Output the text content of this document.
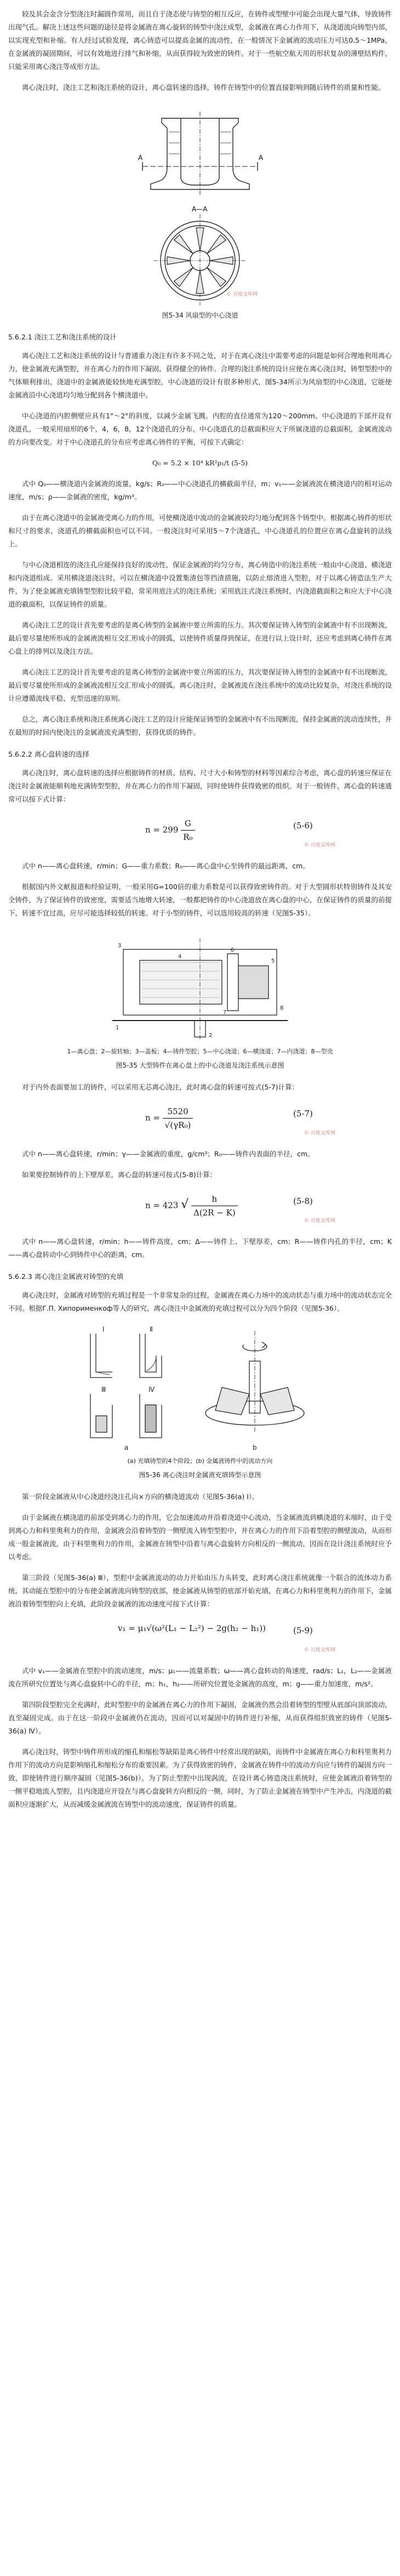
较及其会金含分型浇注时漏圆作常用，而且自于浇态使与铸型的相互反应，在铸件或型壁中可能会出现大量气体，导致铸件出现气孔。解决上述这些问题的途径是将金属液在离心旋转的铸型中浇注成型，金属液在离心力作用下，从浇道流向铸型内部，以实现充型和补缩。有人经过试验发现，离心铸造可以提高金属的流动性，在一般情况下金属液的流动压力可达0.5～1MPa，在金属液的凝固期间，可以有效地进行排气和补缩，从而获得较为致密的铸件。对于一些航空航天用的形状复杂的薄壁结构件，只能采用离心浇注等成形方法。

离心浇注时，浇注工艺和浇注系统的设计，离心盘转速的选择，铸件在铸型中的位置直接影响到随后铸件的质量和性能。

A	A
A—A
© 百度文库网
图5-34 风扇型的中心浇道
5.6.2.1 浇注工艺和浇注系统的设计

离心浇注工艺和浇注系统的设计与普通重力浇注有许多不同之处，对于在离心浇注中需要考虑的问题是如何合理地利用离心力，使金属液充满型腔，并在离心力的作用下凝固，获得健全的铸件。合理的浇注系统的设计应使在离心浇注时，铸型型腔中的气体顺利排出，浇道中的金属液能较快地充满型腔，中心浇道的设计有很多种形式，图5-34所示为风扇型的中心浇道，它能使金属液沿中心浇道均匀地分配到各个横浇道中。

中心浇道的内腔侧壁应具有1°～2°的斜度，以减少金属飞溅。内腔的直径通常为120～200mm。中心浇道的下部开设有浇道孔，一般采用扇形的6个，4，6，8，12个浇道孔的分布。中心浇道孔的总截面积应大于所属浇道的总截面积，金属液流动的方向要改变。对于中心浇道孔的分布应考虑离心铸件的平衡，可按下式确定：

Q₀ = 5.2 × 10⁴ kR²ρ₁/t (5-5)

式中 Q₀——横浇道内金属液的流量，kg/s；R₀——中心浇道孔的横截面半径，m；v₁——金属液流在横浇道内的相对运动速度，m/s；ρ——金属液的密度，kg/m³。

由于在离心浇道中的金属液受离心力的作用，可使横浇道中流动的金属液较均匀地分配到各个铸型中。根据离心铸件的形状和尺寸的要求，浇道孔的横截面积也可以不同。一般浇注时可采用5～7个浇道孔，中心浇道孔的位置应在离心盘旋转的法线上。

与中心浇道相连的浇注孔应能保持良好的流动性，保证金属液的均匀分布，离心铸造中的浇注系统一般由中心浇道、横浇道和内浇道组成。采用横浇道浇注时，可以在横浇道中设置集渣包等挡渣措施，以防止熔渣进入型腔，对于以离心铸造法生产大件，为了使金属液充填铸型型腔比较平稳，常采用底注式的浇注系统；采用底注式浇注系统时，内浇道截面积之和应大于中心浇道的截面积，以保证铸件的质量。

离心浇注工艺的设计首先要考虑的是离心铸型的金属液中要立所需的压力。其次要保证铸入铸型的金属液中有不出现断流，最后要尽量使所形成的金属液流相互交汇形成小的圆弧，以使铸件质量得到保证，在进行以上设计时，还应考虑到离心铸件在离心盘上的排列以及浇注方法。

离心浇注工艺的设计首先要考虑的是离心铸型的金属液中要立所需的压力，其次要保证铸入铸型的金属液中有不出现断流，最后要尽量使所形成的金属液流相互交汇形成小的圆弧。离心浇注时，金属液流在浇注系统中的流动比较复杂，对浇注系统的设计应遵循流线平稳、充型迅速的原则。

总之，离心浇注系统和浇注系统离心浇注工艺的设计应能保证铸型的金属液中有不出现断流，保持金属液的流动连续性，并在最短的时间内使浇注的金属液流充满型腔，获得优质的铸件。

5.6.2.2 离心盘转速的选择

离心浇注时，离心盘转速的选择应根据铸件的材质、结构、尺寸大小和铸型的材料等因素综合考虑，离心盘的转速应保证在浇注时金属液能顺利地充满铸型型腔，并在离心力的作用下凝固，同时使铸件获得致密的组织。对于一般铸件，离心盘的转速通常可以按下式计算：

$n = 299 \frac{G}{\text{R₀}}$	(5-6)
© 百度文库网

式中 n——离心盘转速，r/min；G——重力系数；R₀——离心盘中心至铸件的最远距离，cm。

根据国内外文献报道和经验证明，一般采用G=100倍的重力系数是可以获得致密铸件的。对于大型圆形状特别铸件及其安全铸件，为了保证铸件的致密度，需要适当地增大转速，一般都把铸件的中心浇道放在离心盘的中心，在保证铸件的质量的前提下，转速不宜过高，应尽可能选择较低的转速。对于小型的铸件，可以选用较高的转速（见图5-35）。

1
2
3
4
5
6
7
8
1—离心盘；2—旋转轴；3—盖板；4—铸件型腔；5—中心浇道；6—横浇道；7—内浇道；8—型壳
图5-35 大型铸件在离心盘上的中心浇道及浇注系统示意图

对于内外表面要加工的铸件，可以采用无芯离心浇注，此时离心盘的转速可按式(5-7)计算：

$n = \frac{5520}{\text{√(γR₀)}}$	(5-7)
© 百度文库网

式中 n——离心盘转速，r/min；γ——金属液的重度，g/cm³；R₀——铸件内表面的半径，cm。

如果要控制铸件的上下壁厚差，离心盘的转速可按式(5-8)计算：

n = 423 √ $\frac{h}{\Delta(2R - K)}$	(5-8)
© 百度文库网

式中 n——离心盘转速，r/min；h——铸件高度，cm；Δ——铸件上、下壁厚差，cm；R——铸件内孔的半径，cm；K——离心盘转动中心到铸件中心的距离，cm。

5.6.2.3 离心浇注金属液对铸型的充填

离心浇注时，金属液对铸型的充填过程是一个非常复杂的过程，金属液在离心力场中的流动状态与重力场中的流动状态完全不同。根据Γ.Π. Хипорименкоф等人的研究，离心浇注中金属液的充填过程可以分为四个阶段（见图5-36）。

Ⅰ	Ⅱ
Ⅲ	Ⅳ
a	b
(a) 充填铸型的4个阶段；(b) 金属液铸件中的流动方向
图5-36 离心浇注时金属液充填铸型示意图

第一阶段金属液从中心浇道经浇注孔向×方向的横浇道流动（见图5-36(a) Ⅰ）。

由于金属液在横浇道的前部受到离心力的作用，它会加速流动并沿着浇道中心流动，当金属液流到横浇道的末端时，由于受到离心力和科里奥利力的作用，金属液会沿着铸型的一侧壁流入铸型型腔中，并在离心力的作用下沿着型腔的侧壁流动，从而形成一股金属液流，由于科里奥利力的作用，金属液在铸型中沿着与离心盘旋转方向相反的一侧流动，因而在设计浇注系统时应予以考虑。

第三阶段（见图5-36(a) Ⅲ），型腔中金属液流动的动力开始由压力头转变，此时离心浇注系统就像一个联合的流体动力系统，其动能在型腔中的分布使金属液流向铸型的底部，使金属液从铸型的底部开始充填，在离心力和科里奥利力的作用下，金属液沿着铸型型腔向上充填，此阶段金属液的流动速度可按下式计算：

v₁ = μ₁√(ω²(L₁ − L₂²) − 2g(h₂ − h₁))	(5-9)
© 百度文库网

式中 v₁——金属液在型腔中的流动速度，m/s；μ₁——流量系数；ω——离心盘转动的角速度，rad/s；L₁，L₂——金属液流在所研究位置处与离心盘旋转中心的半径，m；h₁，h₂——所研究位置处金属液的高度，m；g——重力加速度，m/s²。

第四阶段型腔完全充满时，此时型腔中的金属液在离心力的作用下凝固，金属液仍然会沿着铸型的型壁从底部向顶部流动，直至凝固完成。由于在这一阶段中金属液仍在流动，因而可以对凝固中的铸件进行补缩，从而获得组织致密的铸件（见图5-36(a) Ⅳ）。

离心浇注时，铸型中铸件所形成的缩孔和缩松等缺陷是离心铸件中经常出现的缺陷，而铸件中金属液在离心力和科里奥利力作用下的流动方向是影响缩孔和缩松分布的重要因素。为了获得致密的铸件，金属液在铸件中的流动方向应与铸件的凝固方向一致，即使铸件进行顺序凝固（见图5-36(b)）。为了防止型腔中出现涡流，在设计离心铸造浇注系统时，应使金属液沿着铸型的一侧平稳地流入型腔，且内浇道应开设在与离心盘旋转方向相反的一侧，同时，为了防止金属液在铸型中产生冲击，内浇道的截面积应逐渐扩大，从而减缓金属液流在铸型中的流动速度，保证铸件的质量。
